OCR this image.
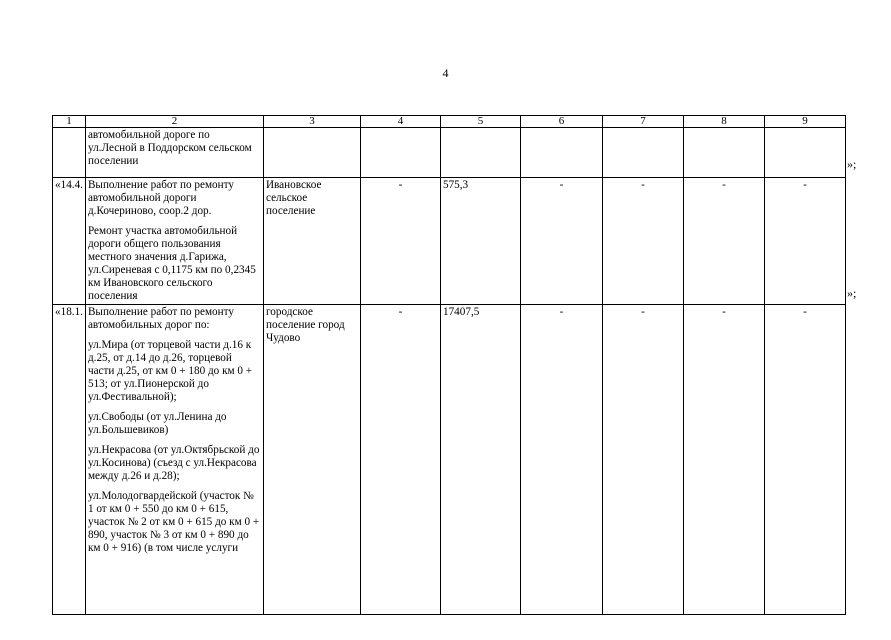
4
1	2	3	4	5	6	7	8	9

	автомобильной дороге по ул.Лесной в Поддорском сельском поселении							

«14.4.	Выполнение работ по ремонту автомобильной дороги д.Кочериново, соор.2 дор.
Ремонт участка автомобильной дороги общего пользования местного значения д.Гарижа, ул.Сиреневая с 0,1175 км по 0,2345 км Ивановского сельского поселения	Ивановское сельское поселение	-	575,3	-	-	-	-
«18.1.	Выполнение работ по ремонту автомобильных дорог по:
ул.Мира (от торцевой части д.16 к д.25, от д.14 до д.26, торцевой части д.25, от км 0 + 180 до км 0 + 513; от ул.Пионерской до ул.Фестивальной);
ул.Свободы (от ул.Ленина до ул.Большевиков)
ул.Некрасова (от ул.Октябрьской до ул.Косинова) (съезд с ул.Некрасова между д.26 и д.28);
ул.Молодогвардейской (участок № 1 от км 0 + 550 до км 0 + 615, участок № 2 от км 0 + 615 до км 0 + 890, участок № 3 от км 0 + 890 до км 0 + 916) (в том числе услуги	городское поселение город Чудово	-	17407,5	-	-	-	-
»;
»;
